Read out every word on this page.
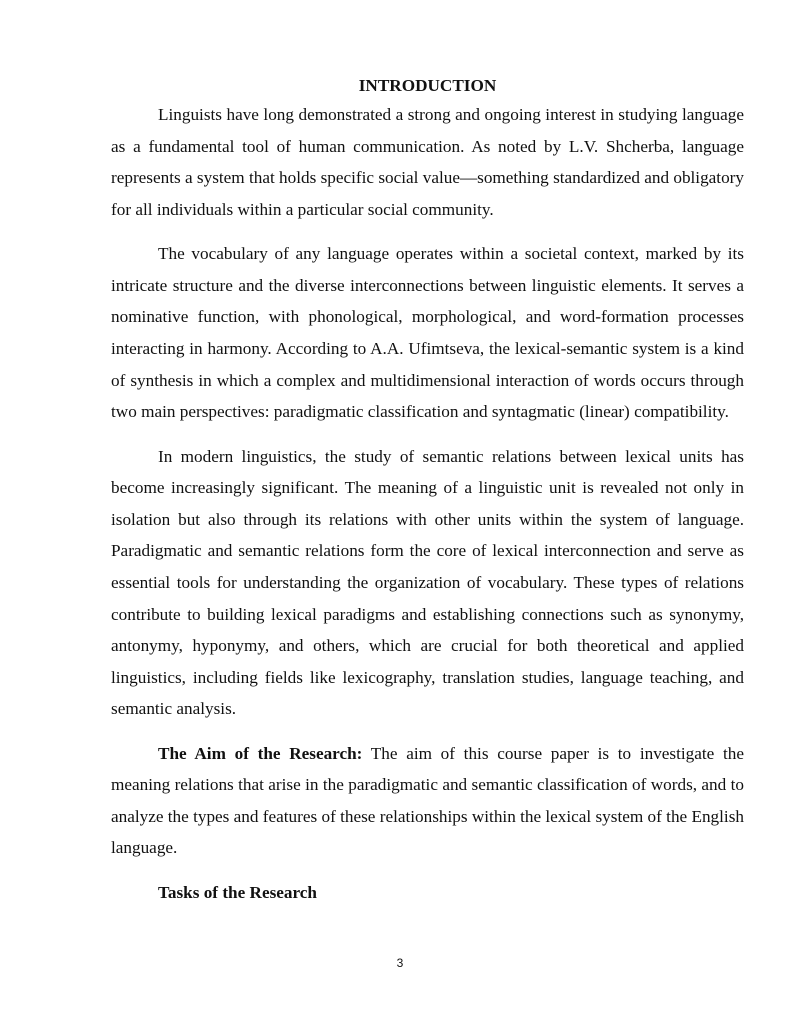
INTRODUCTION

Linguists have long demonstrated a strong and ongoing interest in studying language as a fundamental tool of human communication. As noted by L.V. Shcherba, language represents a system that holds specific social value—something standardized and obligatory for all individuals within a particular social community.

The vocabulary of any language operates within a societal context, marked by its intricate structure and the diverse interconnections between linguistic elements. It serves a nominative function, with phonological, morphological, and word-formation processes interacting in harmony. According to A.A. Ufimtseva, the lexical-semantic system is a kind of synthesis in which a complex and multidimensional interaction of words occurs through two main perspectives: paradigmatic classification and syntagmatic (linear) compatibility.

In modern linguistics, the study of semantic relations between lexical units has become increasingly significant. The meaning of a linguistic unit is revealed not only in isolation but also through its relations with other units within the system of language. Paradigmatic and semantic relations form the core of lexical interconnection and serve as essential tools for understanding the organization of vocabulary. These types of relations contribute to building lexical paradigms and establishing connections such as synonymy, antonymy, hyponymy, and others, which are crucial for both theoretical and applied linguistics, including fields like lexicography, translation studies, language teaching, and semantic analysis.

The Aim of the Research: The aim of this course paper is to investigate the meaning relations that arise in the paradigmatic and semantic classification of words, and to analyze the types and features of these relationships within the lexical system of the English language.

Tasks of the Research

3
